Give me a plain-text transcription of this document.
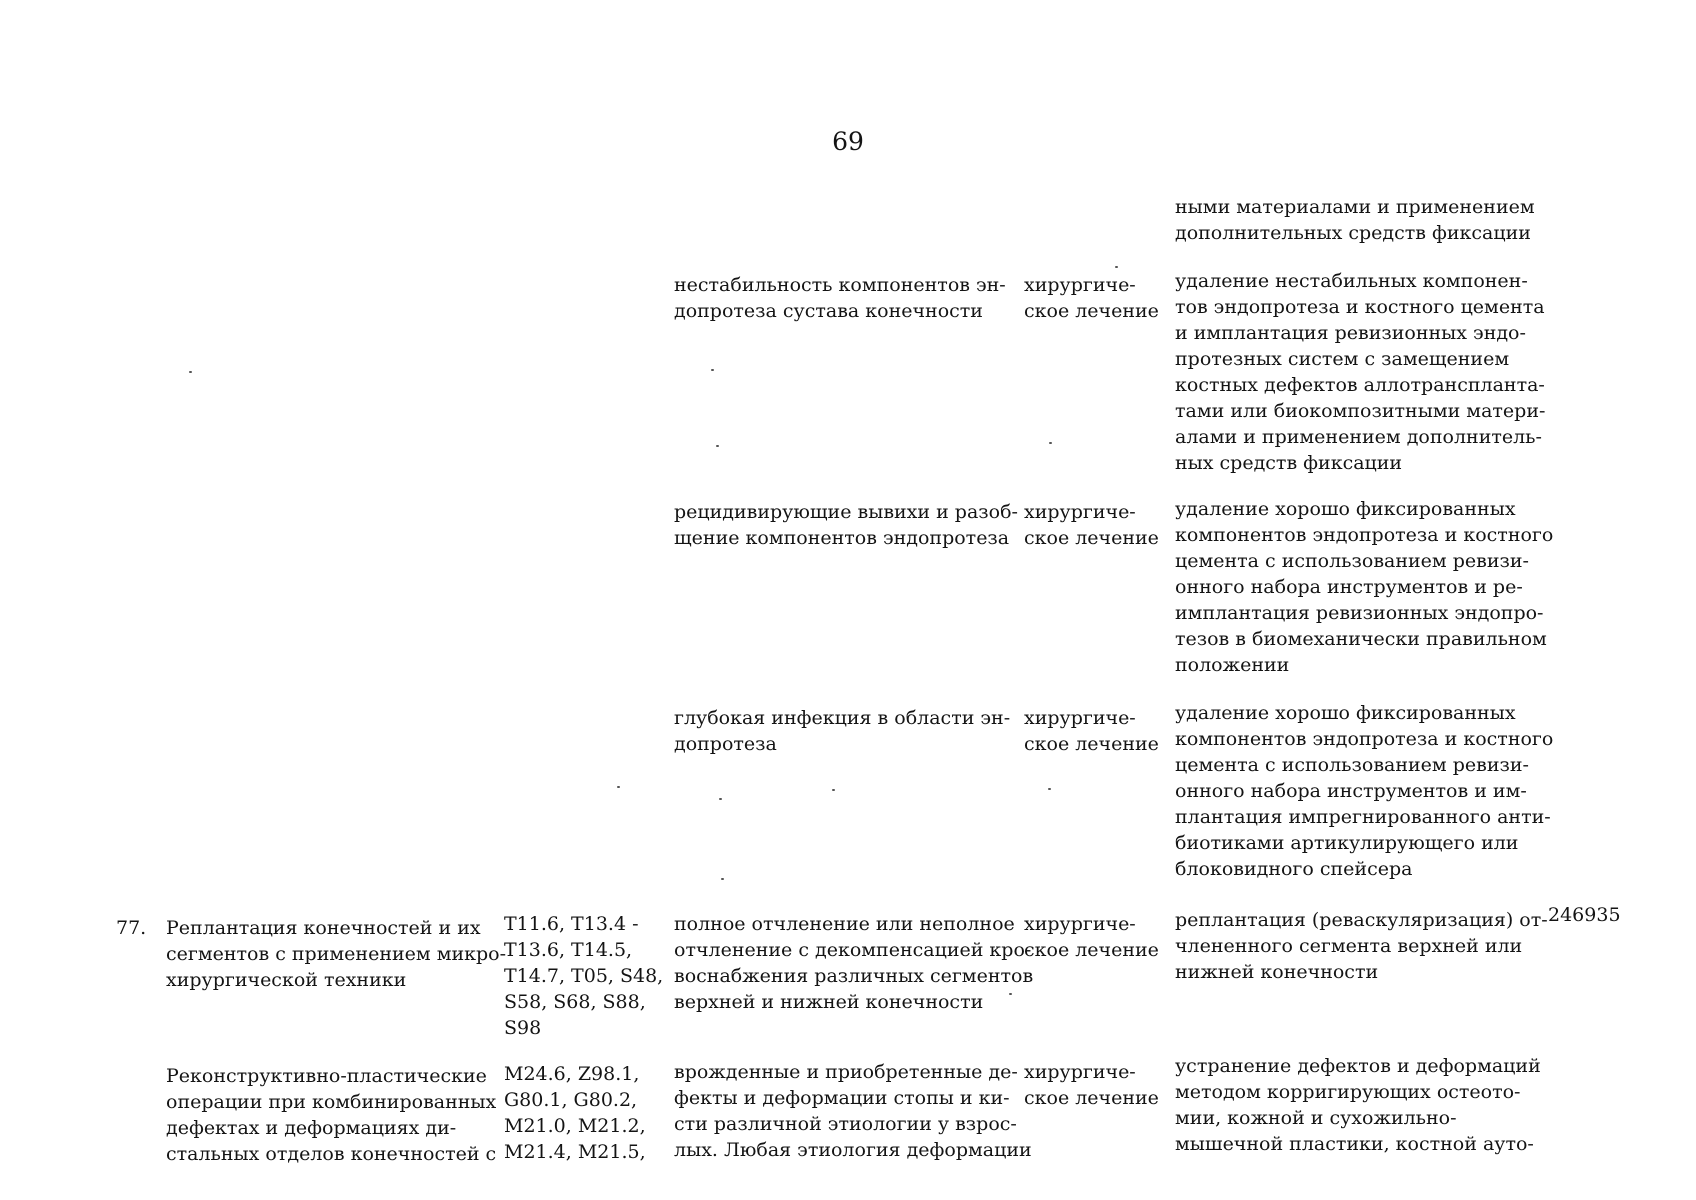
69
ными материалами и применением
дополнительных средств фиксации
нестабильность компонентов эн-
допротеза сустава конечности
хирургиче-
ское лечение
удаление нестабильных компонен-
тов эндопротеза и костного цемента
и имплантация ревизионных эндо-
протезных систем с замещением
костных дефектов аллотранспланта-
тами или биокомпозитными матери-
алами и применением дополнитель-
ных средств фиксации
рецидивирующие вывихи и разоб-
щение компонентов эндопротеза
хирургиче-
ское лечение
удаление хорошо фиксированных
компонентов эндопротеза и костного
цемента с использованием ревизи-
онного набора инструментов и ре-
имплантация ревизионных эндопро-
тезов в биомеханически правильном
положении
глубокая инфекция в области эн-
допротеза
хирургиче-
ское лечение
удаление хорошо фиксированных
компонентов эндопротеза и костного
цемента с использованием ревизи-
онного набора инструментов и им-
плантация импрегнированного анти-
биотиками артикулирующего или
блоковидного спейсера
77. Реплантация конечностей и их
сегментов с применением микро-
хирургической техники
T11.6, T13.4 -
T13.6, T14.5,
T14.7, T05, S48,
S58, S68, S88,
S98
полное отчленение или неполное
отчленение с декомпенсацией кро-
воснабжения различных сегментов
верхней и нижней конечности
хирургиче-
ское лечение
реплантация (реваскуляризация) от-
члененного сегмента верхней или
нижней конечности
246935
Реконструктивно-пластические
операции при комбинированных
дефектах и деформациях ди-
стальных отделов конечностей с
M24.6, Z98.1,
G80.1, G80.2,
M21.0, M21.2,
M21.4, M21.5,
врожденные и приобретенные де-
фекты и деформации стопы и ки-
сти различной этиологии у взрос-
лых. Любая этиология деформации
хирургиче-
ское лечение
устранение дефектов и деформаций
методом корригирующих остеото-
мии, кожной и сухожильно-
мышечной пластики, костной ауто-
